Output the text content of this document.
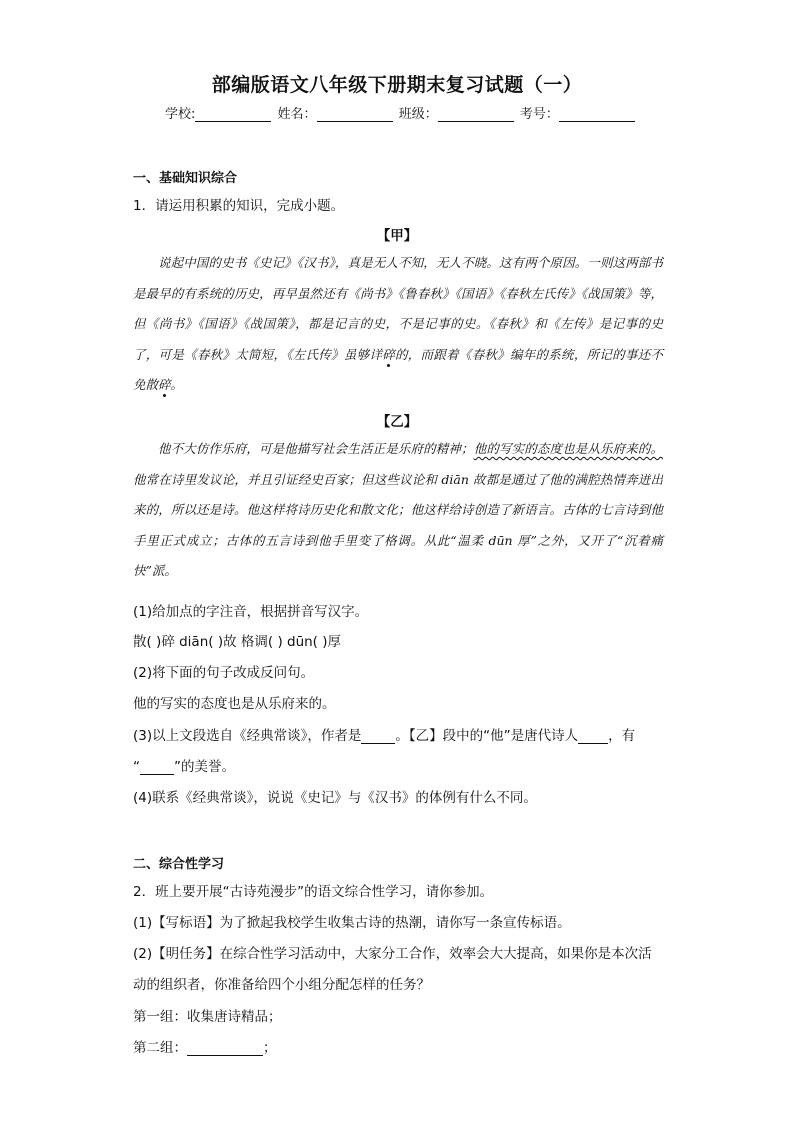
部编版语文八年级下册期末复习试题（一）
学校:	姓名：	班级：	考号：
一、基础知识综合
1．请运用积累的知识，完成小题。
【甲】

说起中国的史书《史记》《汉书》，真是无人不知，无人不晓。这有两个原因。一则这两部书是最早的有系统的历史，再早虽然还有《尚书》《鲁春秋》《国语》《春秋左氏传》《战国策》等，但《尚书》《国语》《战国策》，都是记言的史，不是记事的史。《春秋》和《左传》是记事的史了，可是《春秋》太简短，《左氏传》虽够详碎的，而跟着《春秋》编年的系统，所记的事还不免散碎。

【乙】

他不大仿作乐府，可是他描写社会生活正是乐府的精神；他的写实的态度也是从乐府来的。他常在诗里发议论，并且引证经史百家；但这些议论和 diān 故都是通过了他的满腔热情奔迸出来的，所以还是诗。他这样将诗历史化和散文化；他这样给诗创造了新语言。古体的七言诗到他手里正式成立；古体的五言诗到他手里变了格调。从此“温柔 dūn 厚”之外，又开了“沉着痛快”派。

(1)给加点的字注音，根据拼音写汉字。
散( )碎 diān( )故 格调( ) dūn( )厚
(2)将下面的句子改成反问句。
他的写实的态度也是从乐府来的。
(3)以上文段选自《经典常谈》，作者是	。【乙】段中的“他”是唐代诗人 ，有
“	”的美誉。
(4)联系《经典常谈》，说说《史记》与《汉书》的体例有什么不同。
二、综合性学习
2．班上要开展“古诗苑漫步”的语文综合性学习，请你参加。
(1)【写标语】为了掀起我校学生收集古诗的热潮，请你写一条宣传标语。
(2)【明任务】在综合性学习活动中，大家分工合作，效率会大大提高，如果你是本次活
动的组织者，你准备给四个小组分配怎样的任务？
第一组：收集唐诗精品；
第二组：	；
